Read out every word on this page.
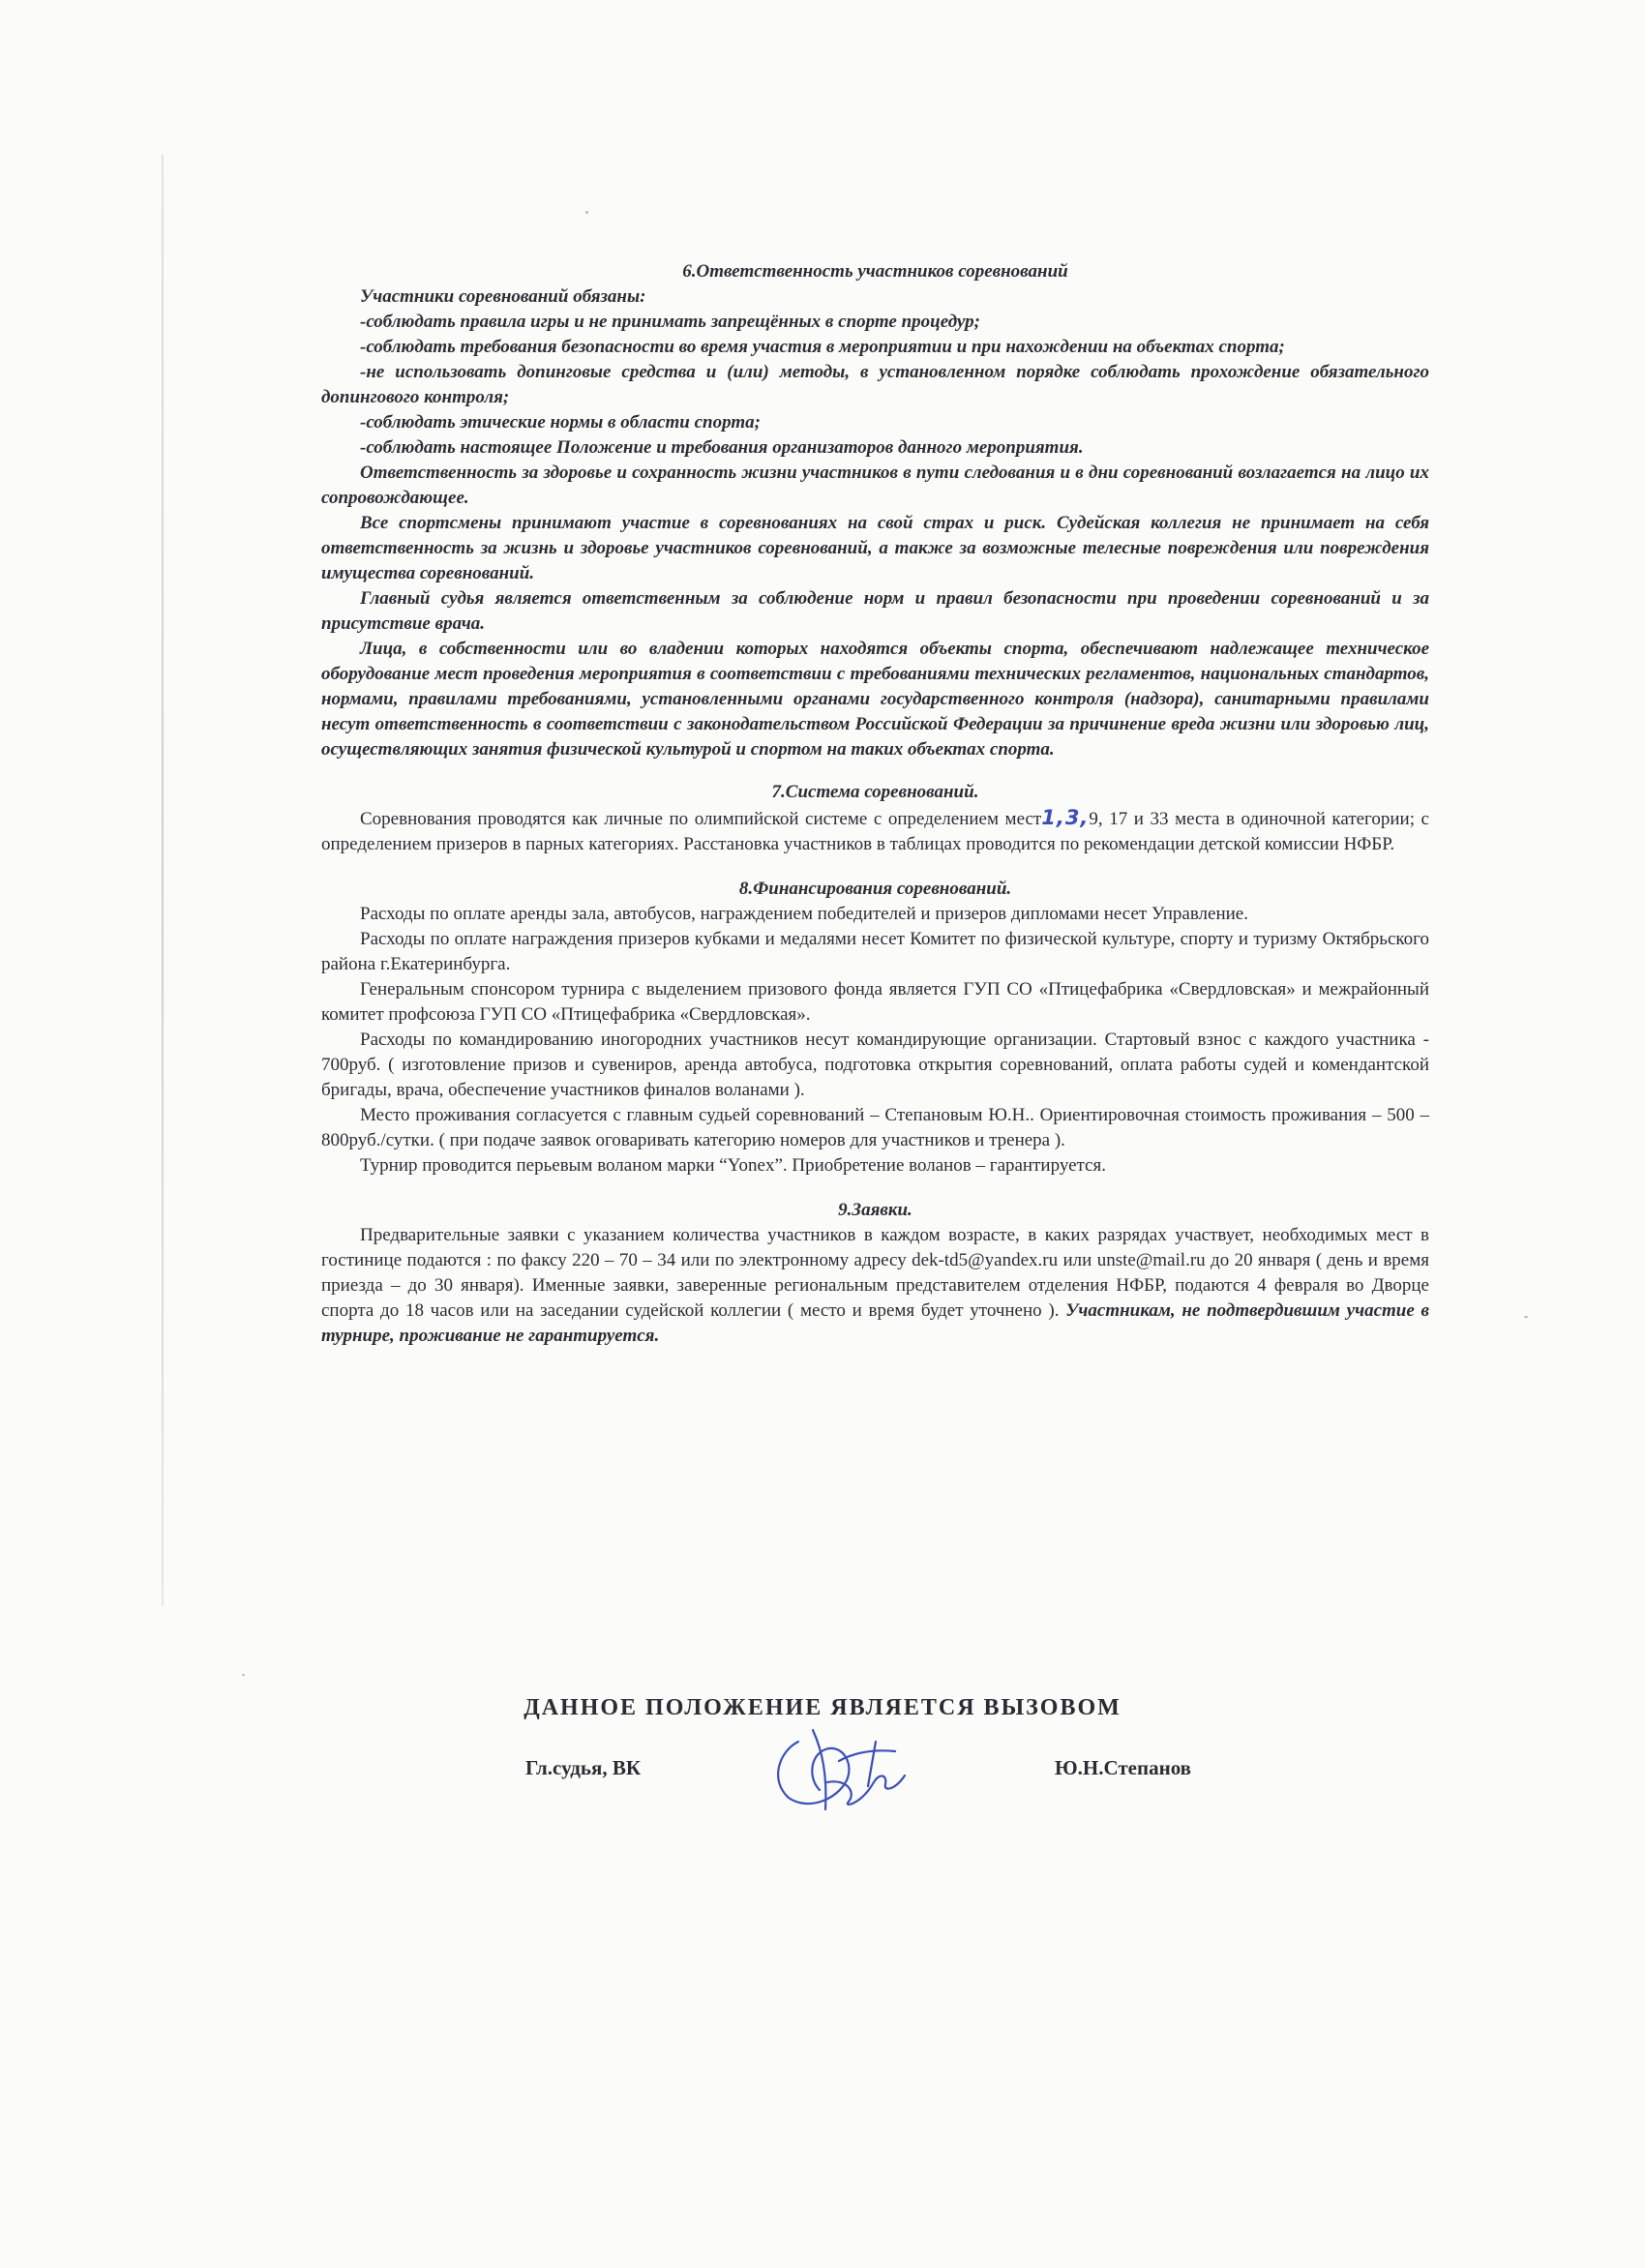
6.Ответственность участников соревнований

Участники соревнований обязаны:

-соблюдать правила игры и не принимать запрещённых в спорте процедур;

-соблюдать требования безопасности во время участия в мероприятии и при нахождении на объектах спорта;

-не использовать допинговые средства и (или) методы, в установленном порядке соблюдать прохождение обязательного допингового контроля;

-соблюдать этические нормы в области спорта;

-соблюдать настоящее Положение и требования организаторов данного мероприятия.

Ответственность за здоровье и сохранность жизни участников в пути следования и в дни соревнований возлагается на лицо их сопровождающее.

Все спортсмены принимают участие в соревнованиях на свой страх и риск. Судейская коллегия не принимает на себя ответственность за жизнь и здоровье участников соревнований, а также за возможные телесные повреждения или повреждения имущества соревнований.

Главный судья является ответственным за соблюдение норм и правил безопасности при проведении соревнований и за присутствие врача.

Лица, в собственности или во владении которых находятся объекты спорта, обеспечивают надлежащее техническое оборудование мест проведения мероприятия в соответствии с требованиями технических регламентов, национальных стандартов, нормами, правилами требованиями, установленными органами государственного контроля (надзора), санитарными правилами несут ответственность в соответствии с законодательством Российской Федерации за причинение вреда жизни или здоровью лиц, осуществляющих занятия физической культурой и спортом на таких объектах спорта.

7.Система соревнований.

Соревнования проводятся как личные по олимпийской системе с определением мест1,3,9, 17 и 33 места в одиночной категории; с определением призеров в парных категориях. Расстановка участников в таблицах проводится по рекомендации детской комиссии НФБР.

8.Финансирования соревнований.

Расходы по оплате аренды зала, автобусов, награждением победителей и призеров дипломами несет Управление.

Расходы по оплате награждения призеров кубками и медалями несет Комитет по физической культуре, спорту и туризму Октябрьского района г.Екатеринбурга.

Генеральным спонсором турнира с выделением призового фонда является ГУП СО «Птицефабрика «Свердловская» и межрайонный комитет профсоюза ГУП СО «Птицефабрика «Свердловская».

Расходы по командированию иногородних участников несут командирующие организации. Стартовый взнос с каждого участника - 700руб. ( изготовление призов и сувениров, аренда автобуса, подготовка открытия соревнований, оплата работы судей и комендантской бригады, врача, обеспечение участников финалов воланами ).

Место проживания согласуется с главным судьей соревнований – Степановым Ю.Н.. Ориентировочная стоимость проживания – 500 – 800руб./сутки. ( при подаче заявок оговаривать категорию номеров для участников и тренера ).

Турнир проводится перьевым воланом марки “Yonex”. Приобретение воланов – гарантируется.

9.Заявки.

Предварительные заявки с указанием количества участников в каждом возрасте, в каких разрядах участвует, необходимых мест в гостинице подаются : по факсу 220 – 70 – 34 или по электронному адресу dek-td5@yandex.ru или unste@mail.ru до 20 января ( день и время приезда – до 30 января). Именные заявки, заверенные региональным представителем отделения НФБР, подаются 4 февраля во Дворце спорта до 18 часов или на заседании судейской коллегии ( место и время будет уточнено ). Участникам, не подтвердившим участие в турнире, проживание не гарантируется.

ДАННОЕ ПОЛОЖЕНИЕ ЯВЛЯЕТСЯ ВЫЗОВОМ
Гл.судья, ВК	Ю.Н.Степанов
